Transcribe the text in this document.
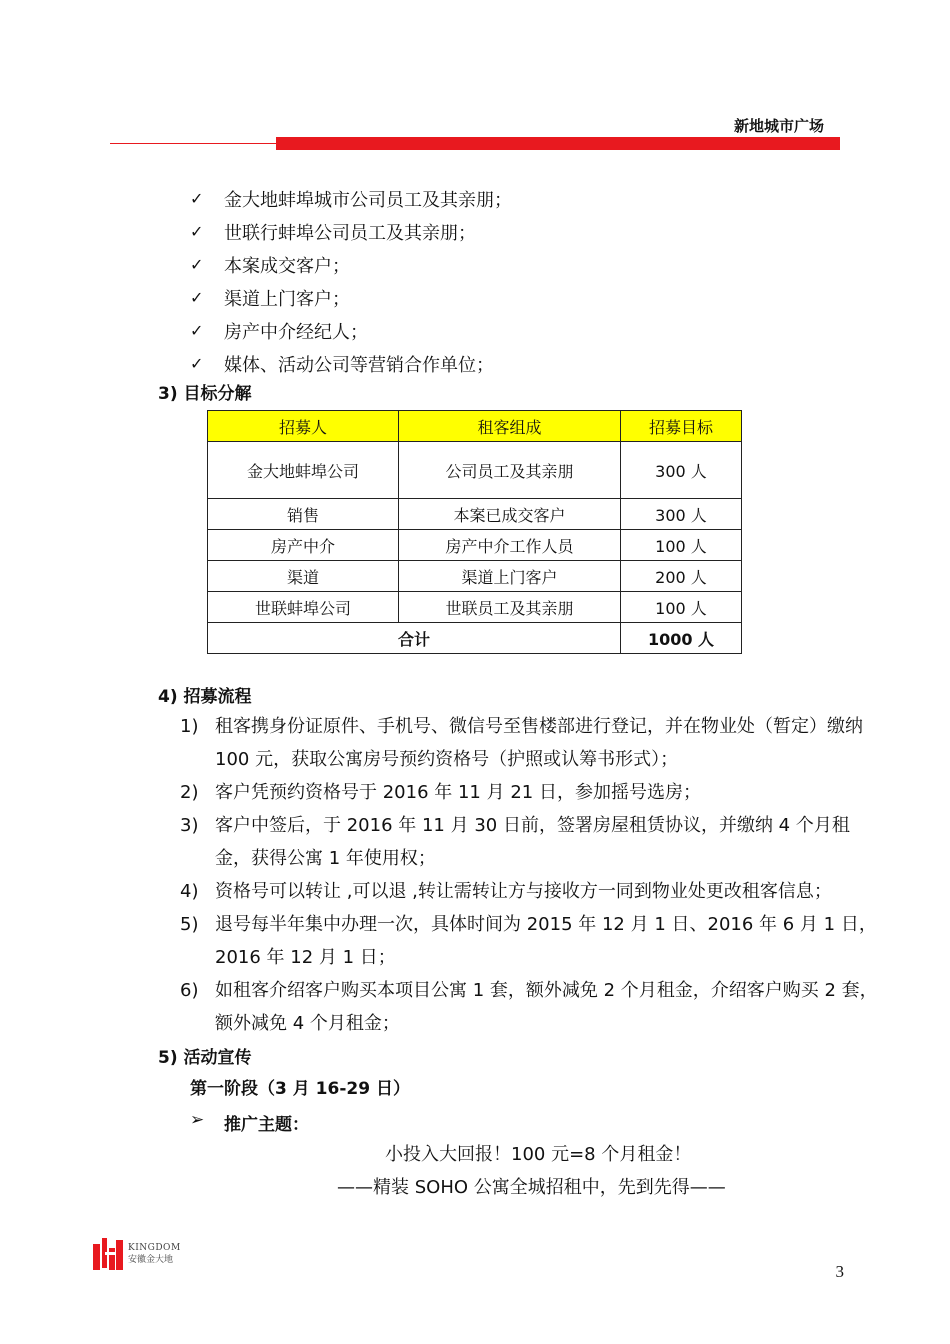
新地城市广场
✓	金大地蚌埠城市公司员工及其亲朋；
✓	世联行蚌埠公司员工及其亲朋；
✓	本案成交客户；
✓	渠道上门客户；
✓	房产中介经纪人；
✓	媒体、活动公司等营销合作单位；
3) 目标分解
招募人	租客组成	招募目标
金大地蚌埠公司	公司员工及其亲朋	300 人
销售	本案已成交客户	300 人
房产中介	房产中介工作人员	100 人
渠道	渠道上门客户	200 人
世联蚌埠公司	世联员工及其亲朋	100 人
合计		1000 人
4) 招募流程
1) 租客携身份证原件、手机号、微信号至售楼部进行登记，并在物业处（暂定）缴纳 100 元，获取公寓房号预约资格号（护照或认筹书形式）；
2) 客户凭预约资格号于 2016 年 11 月 21 日，参加摇号选房；
3) 客户中签后，于 2016 年 11 月 30 日前，签署房屋租赁协议，并缴纳 4 个月租金，获得公寓 1 年使用权；
4) 资格号可以转让 ,可以退 ,转让需转让方与接收方一同到物业处更改租客信息；
5) 退号每半年集中办理一次，具体时间为 2015 年 12 月 1 日、2016 年 6 月 1 日，2016 年 12 月 1 日；
6) 如租客介绍客户购买本项目公寓 1 套，额外减免 2 个月租金，介绍客户购买 2 套， 额外减免 4 个月租金；
5) 活动宣传
第一阶段（3 月 16-29 日）
➢	推广主题：
小投入大回报！100 元=8 个月租金！
——精装 SOHO 公寓全城招租中，先到先得——
KINGDOM
安徽金大地
3
